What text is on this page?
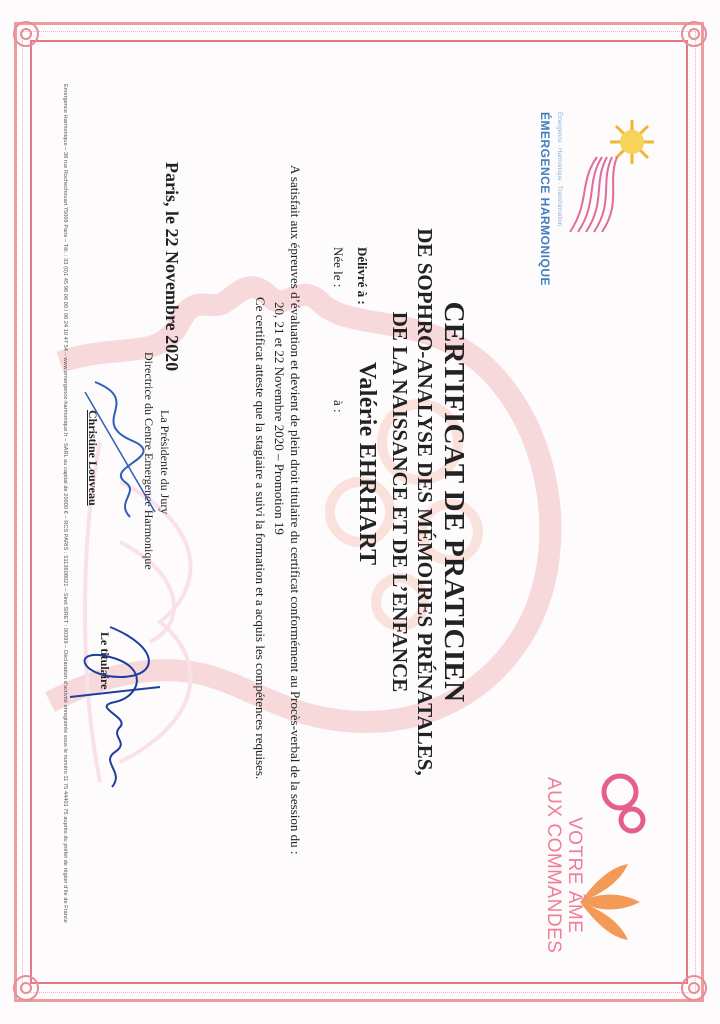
Émergence · Harmonique · Transformation
ÉMERGENCE HARMONIQUE
VOTRE ÂME
AUX COMMANDES
CERTIFICAT DE PRATICIEN
DE SOPHRO-ANALYSE DES MÉMOIRES PRÉNATALES,
DE LA NAISSANCE ET DE L’ENFANCE
Délivré à :
Valérie EHRHART
Née le :
à :
A satisfait aux épreuves d’évaluation et devient de plein droit titulaire du certificat conformément au Procès-verbal de la session du :
20, 21 et 22 Novembre 2020 – Promotion 19
Ce certificat atteste que la stagiaire a suivi la formation et a acquis les compétences requises.
Paris, le 22 Novembre 2020
La Présidente du Jury
Directrice du Centre Emergence Harmonique
Christine Louveau
Le titulaire
Émergence Harmonique – 38 rue Rochechouart 75009 Paris – Tél. : 33 (0)1 45 96 06 00 / 06 24 10 47 54 – www.emergence-harmonique.fr – SARL au capital de 20000 € – RCS PARIS : 5113608021 – Siret SIRET : 00399 – Déclaration d’activité enregistrée sous le numéro 11 75 44401 75 auprès du préfet de région d’Île de France
